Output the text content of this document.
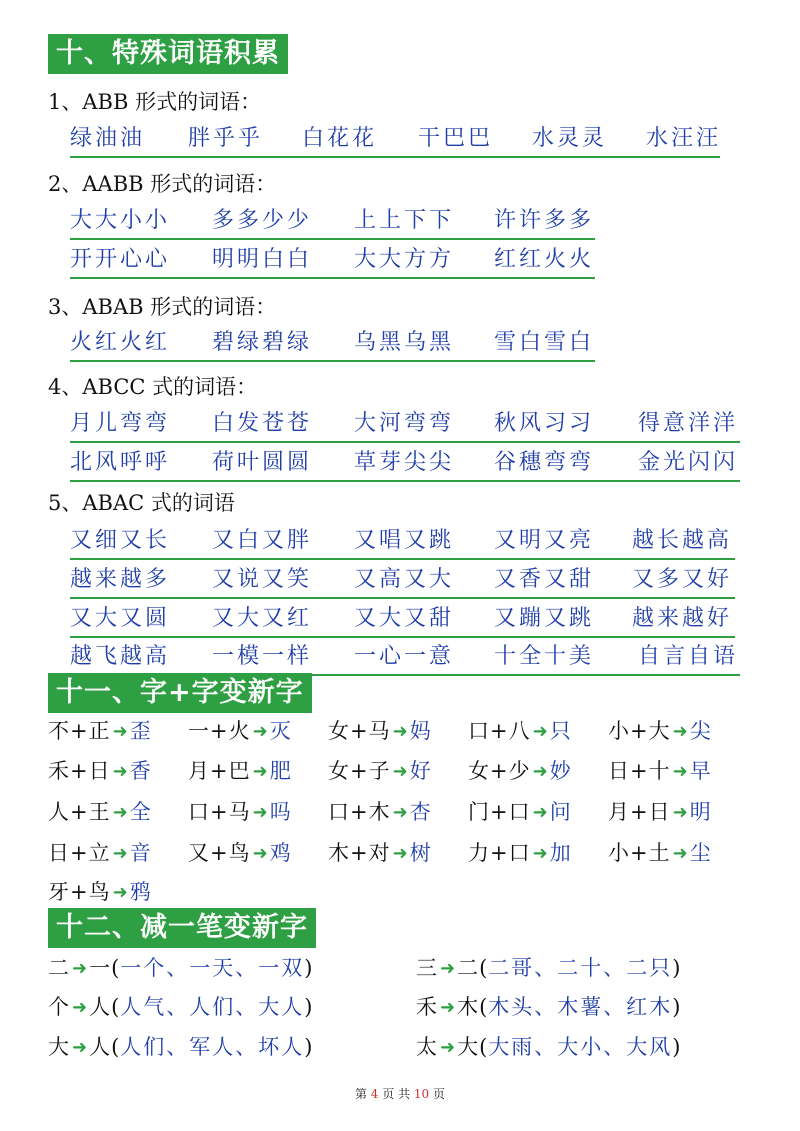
十、特殊词语积累
1、ABB 形式的词语：
绿油油 胖乎乎 白花花 干巴巴 水灵灵 水汪汪
2、AABB 形式的词语：
大大小小 多多少少 上上下下 许许多多
开开心心 明明白白 大大方方 红红火火
3、ABAB 形式的词语：
火红火红 碧绿碧绿 乌黑乌黑 雪白雪白
4、ABCC 式的词语：
月儿弯弯 白发苍苍 大河弯弯 秋风习习 得意洋洋
北风呼呼 荷叶圆圆 草芽尖尖 谷穗弯弯 金光闪闪
5、ABAC 式的词语
又细又长 又白又胖 又唱又跳 又明又亮 越长越高
越来越多 又说又笑 又高又大 又香又甜 又多又好
又大又圆 又大又红 又大又甜 又蹦又跳 越来越好
越飞越高 一模一样 一心一意 十全十美 自言自语
十一、字+字变新字
不+正 ➜歪 一+火 ➜灭 女+马 ➜妈 口+八 ➜只 小+大 ➜尖
禾+日 ➜香 月+巴 ➜肥 女+子 ➜好 女+少 ➜妙 日+十 ➜早
人+王 ➜全 口+马 ➜吗 口+木 ➜杏 门+口 ➜问 月+日 ➜明
日+立 ➜音 又+鸟 ➜鸡 木+对 ➜树 力+口 ➜加 小+土 ➜尘
牙+鸟 ➜鸦
十二、减一笔变新字
二 ➜一(一个、一天、一双)	三 ➜二(二哥、二十、二只)
个 ➜人(人气、人们、大人)	禾 ➜木(木头、木薯、红木)
大 ➜人(人们、军人、坏人)	太 ➜大(大雨、大小、大风)
第 4 页 共 10 页
